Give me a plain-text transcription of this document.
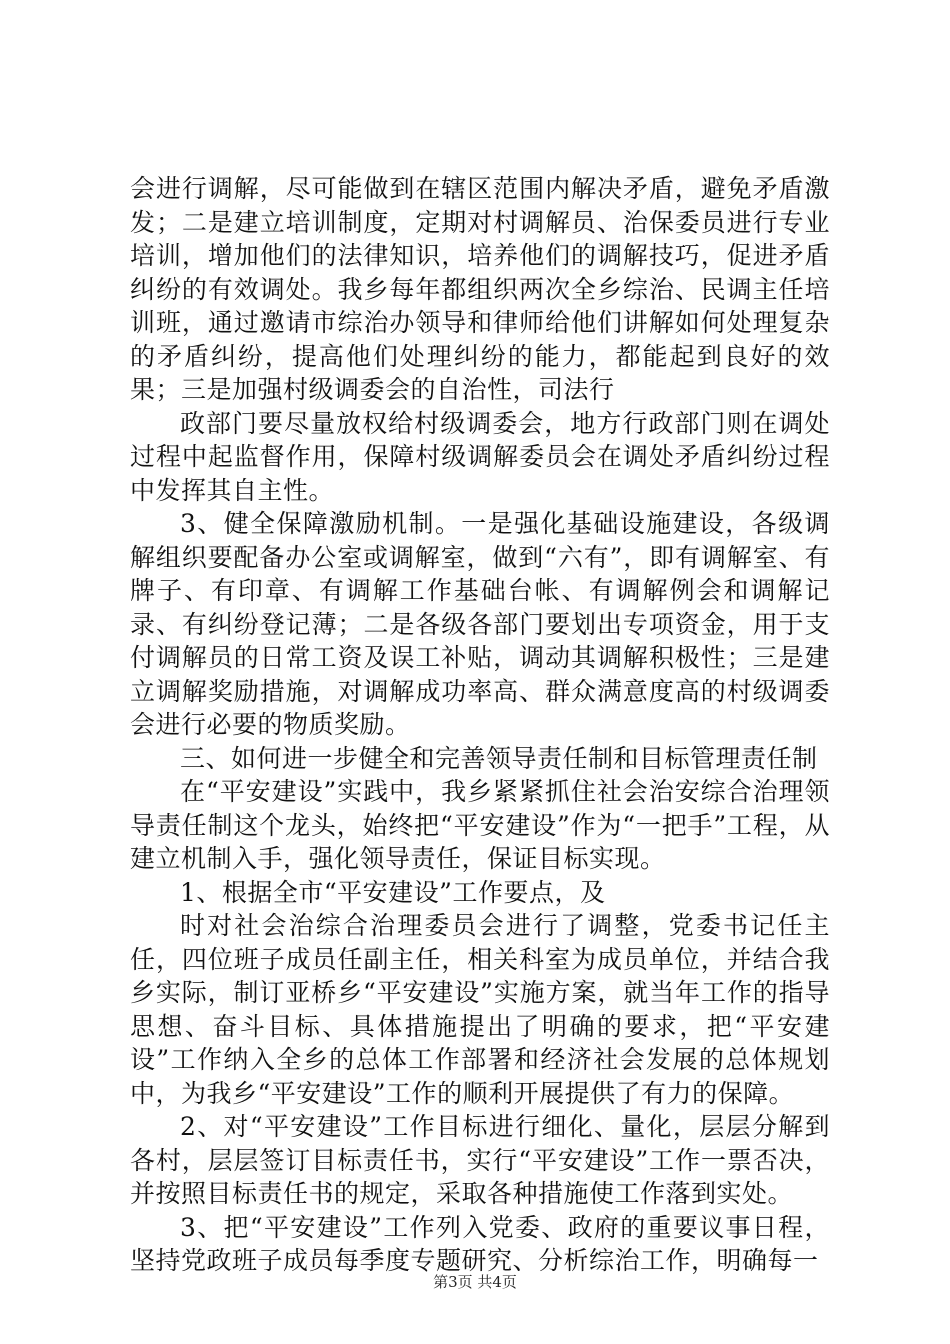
会进行调解，尽可能做到在辖区范围内解决矛盾，避免矛盾激发；二是建立培训制度，定期对村调解员、治保委员进行专业培训，增加他们的法律知识，培养他们的调解技巧，促进矛盾纠纷的有效调处。我乡每年都组织两次全乡综治、民调主任培训班，通过邀请市综治办领导和律师给他们讲解如何处理复杂的矛盾纠纷，提高他们处理纠纷的能力，都能起到良好的效果；三是加强村级调委会的自治性，司法行

政部门要尽量放权给村级调委会，地方行政部门则在调处过程中起监督作用，保障村级调解委员会在调处矛盾纠纷过程中发挥其自主性。

3、健全保障激励机制。一是强化基础设施建设，各级调解组织要配备办公室或调解室，做到“六有”，即有调解室、有牌子、有印章、有调解工作基础台帐、有调解例会和调解记录、有纠纷登记薄；二是各级各部门要划出专项资金，用于支付调解员的日常工资及误工补贴，调动其调解积极性；三是建立调解奖励措施，对调解成功率高、群众满意度高的村级调委会进行必要的物质奖励。

三、如何进一步健全和完善领导责任制和目标管理责任制

在“平安建设”实践中，我乡紧紧抓住社会治安综合治理领导责任制这个龙头，始终把“平安建设”作为“一把手”工程，从建立机制入手，强化领导责任，保证目标实现。

1、根据全市“平安建设”工作要点，及

时对社会治综合治理委员会进行了调整，党委书记任主任，四位班子成员任副主任，相关科室为成员单位，并结合我乡实际，制订亚桥乡“平安建设”实施方案，就当年工作的指导思想、奋斗目标、具体措施提出了明确的要求，把“平安建设”工作纳入全乡的总体工作部署和经济社会发展的总体规划中，为我乡“平安建设”工作的顺利开展提供了有力的保障。

2、对“平安建设”工作目标进行细化、量化，层层分解到各村，层层签订目标责任书，实行“平安建设”工作一票否决，并按照目标责任书的规定，采取各种措施使工作落到实处。

3、把“平安建设”工作列入党委、政府的重要议事日程，坚持党政班子成员每季度专题研究、分析综治工作，明确每一

第3页 共4页
